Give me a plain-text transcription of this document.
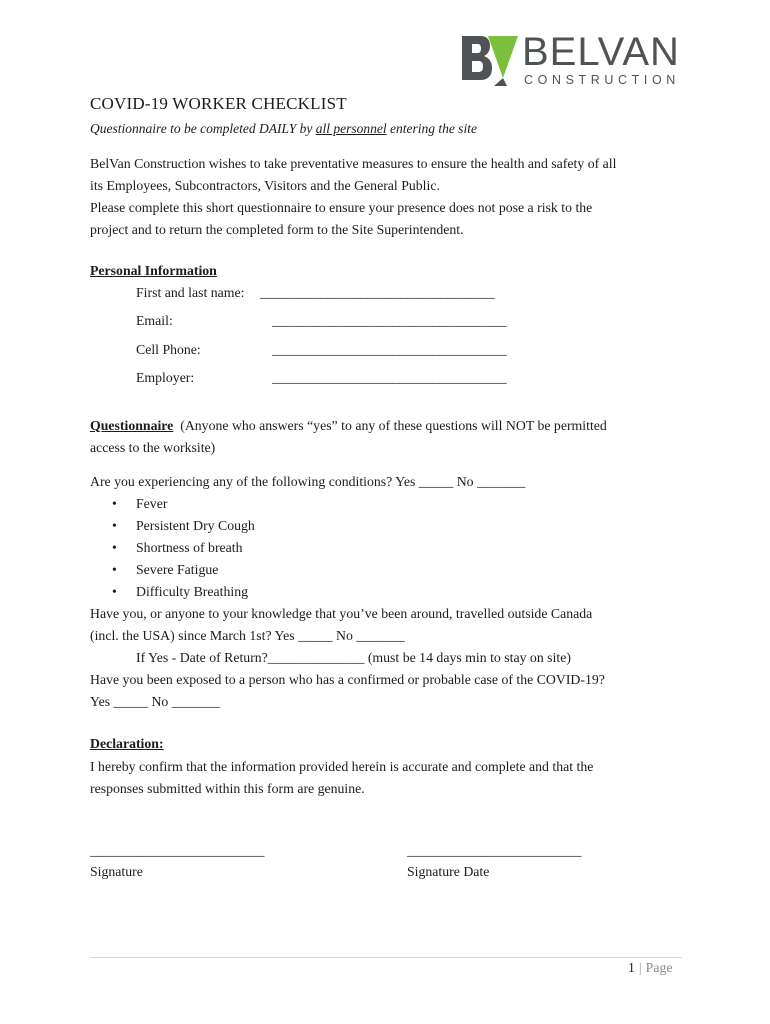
BELVAN
CONSTRUCTION
COVID-19 WORKER CHECKLIST
Questionnaire to be completed DAILY by all personnel entering the site
BelVan Construction wishes to take preventative measures to ensure the health and safety of all
its Employees, Subcontractors, Visitors and the General Public.
Please complete this short questionnaire to ensure your presence does not pose a risk to the
project and to return the completed form to the Site Superintendent.
Personal Information
First and last name: ___________________________________
Email:	___________________________________
Cell Phone:	___________________________________
Employer:	___________________________________
Questionnaire (Anyone who answers “yes” to any of these questions will NOT be permitted
access to the worksite)
Are you experiencing any of the following conditions? Yes _____ No _______
• Fever
• Persistent Dry Cough
• Shortness of breath
• Severe Fatigue
• Difficulty Breathing
Have you, or anyone to your knowledge that you’ve been around, travelled outside Canada
(incl. the USA) since March 1st? Yes _____ No _______
If Yes - Date of Return?______________ (must be 14 days min to stay on site)
Have you been exposed to a person who has a confirmed or probable case of the COVID-19?
Yes _____ No _______
Declaration:
I hereby confirm that the information provided herein is accurate and complete and that the
responses submitted within this form are genuine.
__________________________	__________________________
Signature	Signature Date
1 | Page
